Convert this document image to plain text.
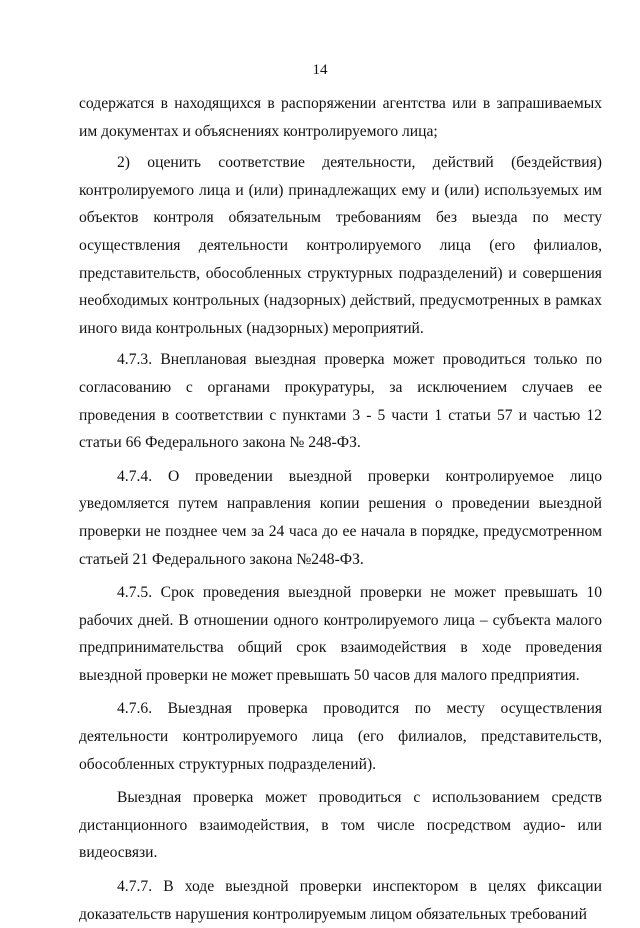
14

содержатся в находящихся в распоряжении агентства или в запрашиваемых им документах и объяснениях контролируемого лица;

2) оценить соответствие деятельности, действий (бездействия) контролируемого лица и (или) принадлежащих ему и (или) используемых им объектов контроля обязательным требованиям без выезда по месту осуществления деятельности контролируемого лица (его филиалов, представительств, обособленных структурных подразделений) и совершения необходимых контрольных (надзорных) действий, предусмотренных в рамках иного вида контрольных (надзорных) мероприятий.

4.7.3. Внеплановая выездная проверка может проводиться только по согласованию с органами прокуратуры, за исключением случаев ее проведения в соответствии с пунктами 3 - 5 части 1 статьи 57 и частью 12 статьи 66 Федерального закона № 248-ФЗ.

4.7.4. О проведении выездной проверки контролируемое лицо уведомляется путем направления копии решения о проведении выездной проверки не позднее чем за 24 часа до ее начала в порядке, предусмотренном статьей 21 Федерального закона №248-ФЗ.

4.7.5. Срок проведения выездной проверки не может превышать 10 рабочих дней. В отношении одного контролируемого лица – субъекта малого предпринимательства общий срок взаимодействия в ходе проведения выездной проверки не может превышать 50 часов для малого предприятия.

4.7.6. Выездная проверка проводится по месту осуществления деятельности контролируемого лица (его филиалов, представительств, обособленных структурных подразделений).

Выездная проверка может проводиться с использованием средств дистанционного взаимодействия, в том числе посредством аудио- или видеосвязи.

4.7.7. В ходе выездной проверки инспектором в целях фиксации доказательств нарушения контролируемым лицом обязательных требований
